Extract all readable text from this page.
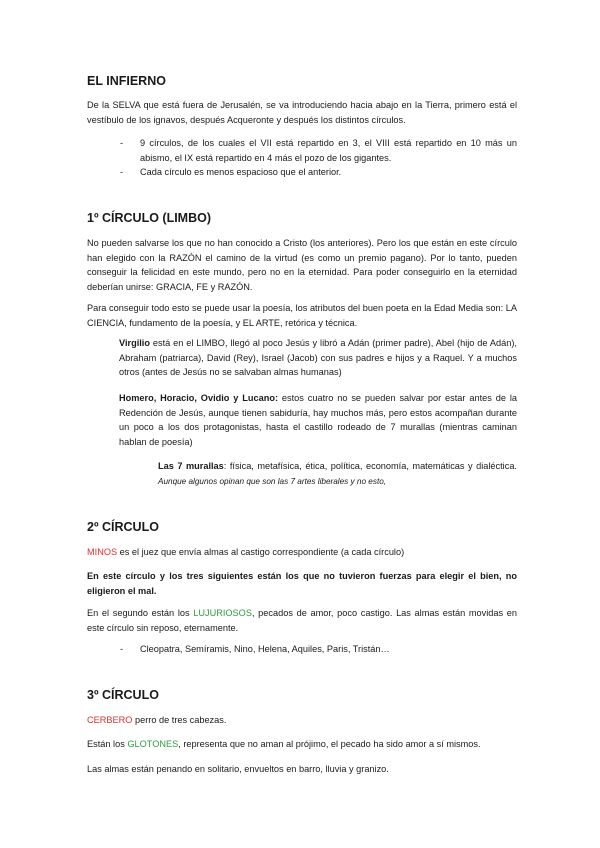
EL INFIERNO
De la SELVA que está fuera de Jerusalén, se va introduciendo hacia abajo en la Tierra, primero está el vestíbulo de los ignavos, después Acqueronte y después los distintos círculos.
-	9 círculos, de los cuales el VII está repartido en 3, el VIII está repartido en 10 más un abismo, el IX está repartido en 4 más el pozo de los gigantes.
-	Cada círculo es menos espacioso que el anterior.
1º CÍRCULO (LIMBO)
No pueden salvarse los que no han conocido a Cristo (los anteriores). Pero los que están en este círculo han elegido con la RAZÓN el camino de la virtud (es como un premio pagano). Por lo tanto, pueden conseguir la felicidad en este mundo, pero no en la eternidad. Para poder conseguirlo en la eternidad deberían unirse: GRACIA, FE y RAZÓN.
Para conseguir todo esto se puede usar la poesía, los atributos del buen poeta en la Edad Media son: LA CIENCIA, fundamento de la poesía, y EL ARTE, retórica y técnica.
Virgilio está en el LIMBO, llegó al poco Jesús y libró a Adán (primer padre), Abel (hijo de Adán), Abraham (patriarca), David (Rey), Israel (Jacob) con sus padres e hijos y a Raquel. Y a muchos otros (antes de Jesús no se salvaban almas humanas)
Homero, Horacio, Ovidio y Lucano: estos cuatro no se pueden salvar por estar antes de la Redención de Jesús, aunque tienen sabiduría, hay muchos más, pero estos acompañan durante un poco a los dos protagonistas, hasta el castillo rodeado de 7 murallas (mientras caminan hablan de poesía)
Las 7 murallas: física, metafísica, ética, política, economía, matemáticas y dialéctica. Aunque algunos opinan que son las 7 artes liberales y no esto,
2º CÍRCULO
MINOS es el juez que envía almas al castigo correspondiente (a cada círculo)
En este círculo y los tres siguientes están los que no tuvieron fuerzas para elegir el bien, no eligieron el mal.
En el segundo están los LUJURIOSOS, pecados de amor, poco castigo. Las almas están movidas en este círculo sin reposo, eternamente.
-	Cleopatra, Semíramis, Nino, Helena, Aquiles, Paris, Tristán…
3º CÍRCULO
CERBERO perro de tres cabezas.
Están los GLOTONES, representa que no aman al prójimo, el pecado ha sido amor a sí mismos.
Las almas están penando en solitario, envueltos en barro, lluvia y granizo.
